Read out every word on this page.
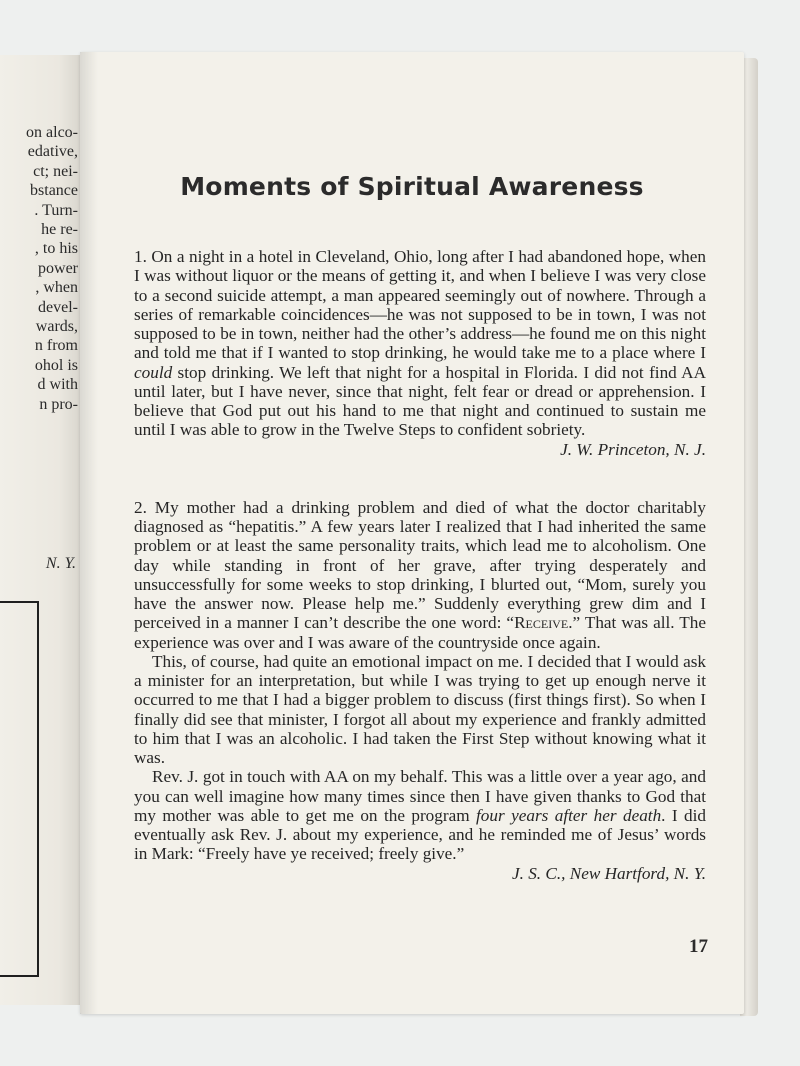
on alco-
edative,
ct; nei-
bstance
. Turn-
he re-
, to his
power
, when
devel-
wards,
n from
ohol is
d with
n pro-
N. Y.
Moments of Spiritual Awareness

1. On a night in a hotel in Cleveland, Ohio, long after I had abandoned hope, when I was without liquor or the means of getting it, and when I believe I was very close to a second suicide attempt, a man appeared seemingly out of nowhere. Through a series of remarkable coincidences—he was not supposed to be in town, I was not supposed to be in town, neither had the other’s address—he found me on this night and told me that if I wanted to stop drinking, he would take me to a place where I could stop drinking. We left that night for a hospital in Florida. I did not find AA until later, but I have never, since that night, felt fear or dread or apprehension. I believe that God put out his hand to me that night and continued to sustain me until I was able to grow in the Twelve Steps to confident sobriety.

J. W. Princeton, N. J.

2. My mother had a drinking problem and died of what the doctor charitably diagnosed as “hepatitis.” A few years later I realized that I had inherited the same problem or at least the same personality traits, which lead me to alcoholism. One day while standing in front of her grave, after trying desperately and unsuccessfully for some weeks to stop drinking, I blurted out, “Mom, surely you have the answer now. Please help me.” Suddenly everything grew dim and I perceived in a manner I can’t describe the one word: “Receive.” That was all. The experience was over and I was aware of the countryside once again.

This, of course, had quite an emotional impact on me. I decided that I would ask a minister for an interpretation, but while I was trying to get up enough nerve it occurred to me that I had a bigger problem to discuss (first things first). So when I finally did see that minister, I forgot all about my experience and frankly admitted to him that I was an alcoholic. I had taken the First Step without knowing what it was.

Rev. J. got in touch with AA on my behalf. This was a little over a year ago, and you can well imagine how many times since then I have given thanks to God that my mother was able to get me on the program four years after her death. I did eventually ask Rev. J. about my experience, and he reminded me of Jesus’ words in Mark: “Freely have ye received; freely give.”

J. S. C., New Hartford, N. Y.

17
